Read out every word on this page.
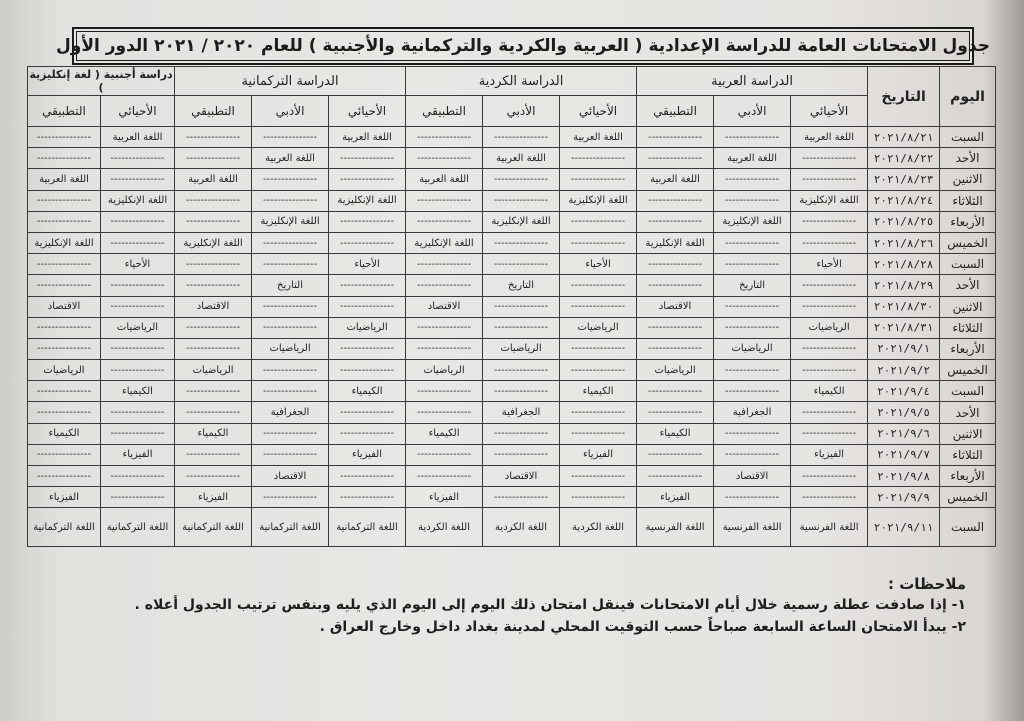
جدول الامتحانات العامة للدراسة الإعدادية ( العربية والكردية والتركمانية والأجنبية ) للعام ٢٠٢٠ / ٢٠٢١ الدور الأول
اليوم	التاريخ	الدراسة العربية			الدراسة الكردية			الدراسة التركمانية			دراسة أجنبية ( لغة إنكليزية )	
		الأحيائي	الأدبي	التطبيقي	الأحيائي	الأدبي	التطبيقي	الأحيائي	الأدبي	التطبيقي	الأحيائي	التطبيقي
السبت	٢٠٢١/٨/٢١	اللغة العربية	---------------	---------------	اللغة العربية	---------------	---------------	اللغة العربية	---------------	---------------	اللغة العربية	---------------
الأحد	٢٠٢١/٨/٢٢	---------------	اللغة العربية	---------------	---------------	اللغة العربية	---------------	---------------	اللغة العربية	---------------	---------------	---------------
الاثنين	٢٠٢١/٨/٢٣	---------------	---------------	اللغة العربية	---------------	---------------	اللغة العربية	---------------	---------------	اللغة العربية	---------------	اللغة العربية
الثلاثاء	٢٠٢١/٨/٢٤	اللغة الإنكليزية	---------------	---------------	اللغة الإنكليزية	---------------	---------------	اللغة الإنكليزية	---------------	---------------	اللغة الإنكليزية	---------------
الأربعاء	٢٠٢١/٨/٢٥	---------------	اللغة الإنكليزية	---------------	---------------	اللغة الإنكليزية	---------------	---------------	اللغة الإنكليزية	---------------	---------------	---------------
الخميس	٢٠٢١/٨/٢٦	---------------	---------------	اللغة الإنكليزية	---------------	---------------	اللغة الإنكليزية	---------------	---------------	اللغة الإنكليزية	---------------	اللغة الإنكليزية
السبت	٢٠٢١/٨/٢٨	الأحياء	---------------	---------------	الأحياء	---------------	---------------	الأحياء	---------------	---------------	الأحياء	---------------
الأحد	٢٠٢١/٨/٢٩	---------------	التاريخ	---------------	---------------	التاريخ	---------------	---------------	التاريخ	---------------	---------------	---------------
الاثنين	٢٠٢١/٨/٣٠	---------------	---------------	الاقتصاد	---------------	---------------	الاقتصاد	---------------	---------------	الاقتصاد	---------------	الاقتصاد
الثلاثاء	٢٠٢١/٨/٣١	الرياضيات	---------------	---------------	الرياضيات	---------------	---------------	الرياضيات	---------------	---------------	الرياضيات	---------------
الأربعاء	٢٠٢١/٩/١	---------------	الرياضيات	---------------	---------------	الرياضيات	---------------	---------------	الرياضيات	---------------	---------------	---------------
الخميس	٢٠٢١/٩/٢	---------------	---------------	الرياضيات	---------------	---------------	الرياضيات	---------------	---------------	الرياضيات	---------------	الرياضيات
السبت	٢٠٢١/٩/٤	الكيمياء	---------------	---------------	الكيمياء	---------------	---------------	الكيمياء	---------------	---------------	الكيمياء	---------------
الأحد	٢٠٢١/٩/٥	---------------	الجغرافية	---------------	---------------	الجغرافية	---------------	---------------	الجغرافية	---------------	---------------	---------------
الاثنين	٢٠٢١/٩/٦	---------------	---------------	الكيمياء	---------------	---------------	الكيمياء	---------------	---------------	الكيمياء	---------------	الكيمياء
الثلاثاء	٢٠٢١/٩/٧	الفيزياء	---------------	---------------	الفيزياء	---------------	---------------	الفيزياء	---------------	---------------	الفيزياء	---------------
الأربعاء	٢٠٢١/٩/٨	---------------	الاقتصاد	---------------	---------------	الاقتصاد	---------------	---------------	الاقتصاد	---------------	---------------	---------------
الخميس	٢٠٢١/٩/٩	---------------	---------------	الفيزياء	---------------	---------------	الفيزياء	---------------	---------------	الفيزياء	---------------	الفيزياء
السبت	٢٠٢١/٩/١١	اللغة الفرنسية	اللغة الفرنسية	اللغة الفرنسية	اللغة الكردية	اللغة الكردية	اللغة الكردية	اللغة التركمانية	اللغة التركمانية	اللغة التركمانية	اللغة التركمانية	اللغة التركمانية
ملاحظات :
١- إذا صادفت عطلة رسمية خلال أيام الامتحانات فينقل امتحان ذلك اليوم إلى اليوم الذي يليه وبنفس ترتيب الجدول أعلاه .
٢- يبدأ الامتحان الساعة السابعة صباحاً حسب التوقيت المحلي لمدينة بغداد داخل وخارج العراق .
